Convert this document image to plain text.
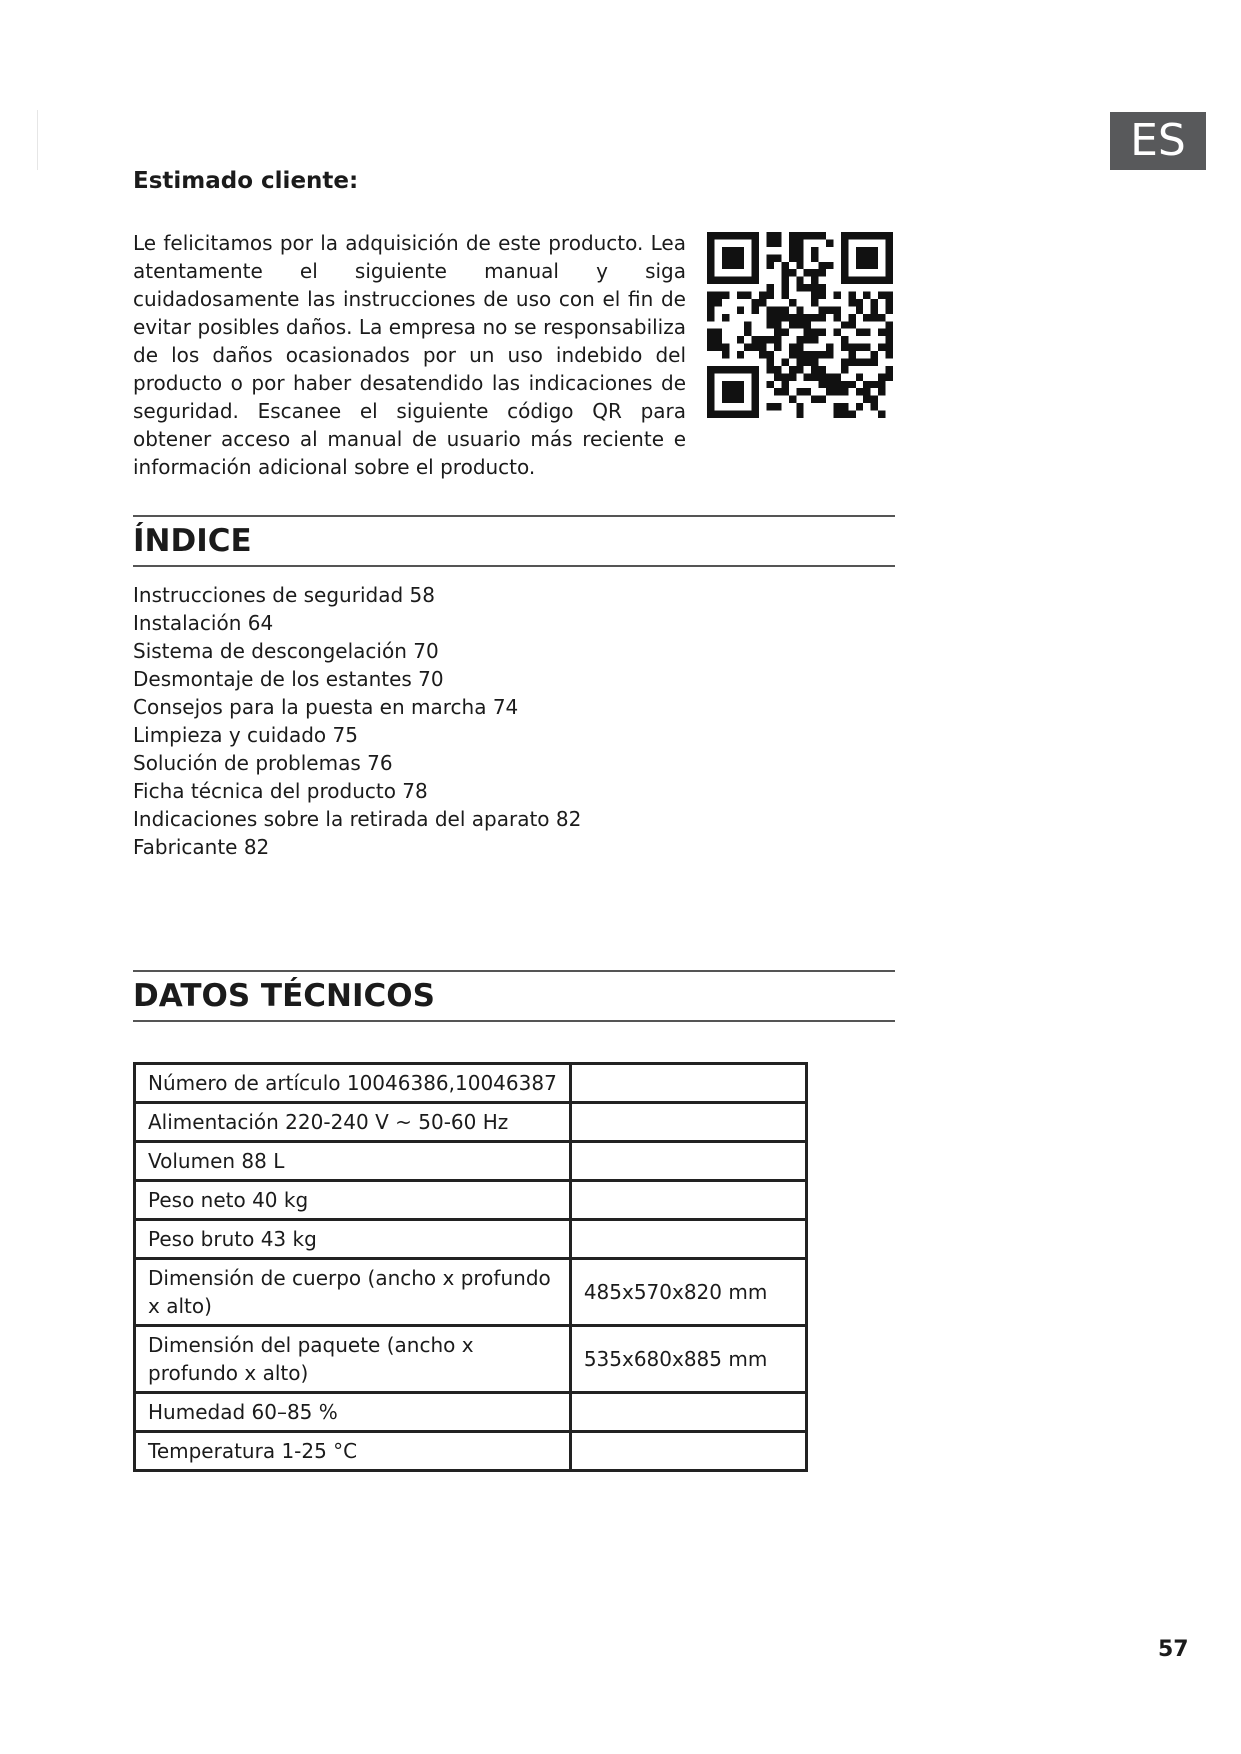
ES
Estimado cliente:

Le felicitamos por la adquisición de este producto. Lea atentamente el siguiente manual y siga cuidadosamente las instrucciones de uso con el fin de evitar posibles daños. La empresa no se responsabiliza de los daños ocasionados por un uso indebido del producto o por haber desatendido las indicaciones de seguridad. Escanee el siguiente código QR para obtener acceso al manual de usuario más reciente e información adicional sobre el producto.

ÍNDICE
Instrucciones de seguridad 58
Instalación 64
Sistema de descongelación 70
Desmontaje de los estantes 70
Consejos para la puesta en marcha 74
Limpieza y cuidado 75
Solución de problemas 76
Ficha técnica del producto 78
Indicaciones sobre la retirada del aparato 82
Fabricante 82
DATOS TÉCNICOS
Número de artículo 10046386,10046387	
Alimentación 220-240 V ~ 50-60 Hz	
Volumen 88 L	
Peso neto 40 kg	
Peso bruto 43 kg	
Dimensión de cuerpo (ancho x profundo x alto)	485x570x820 mm
Dimensión del paquete (ancho x profundo x alto)	535x680x885 mm
Humedad 60–85 %	
Temperatura 1-25 °C	
57
